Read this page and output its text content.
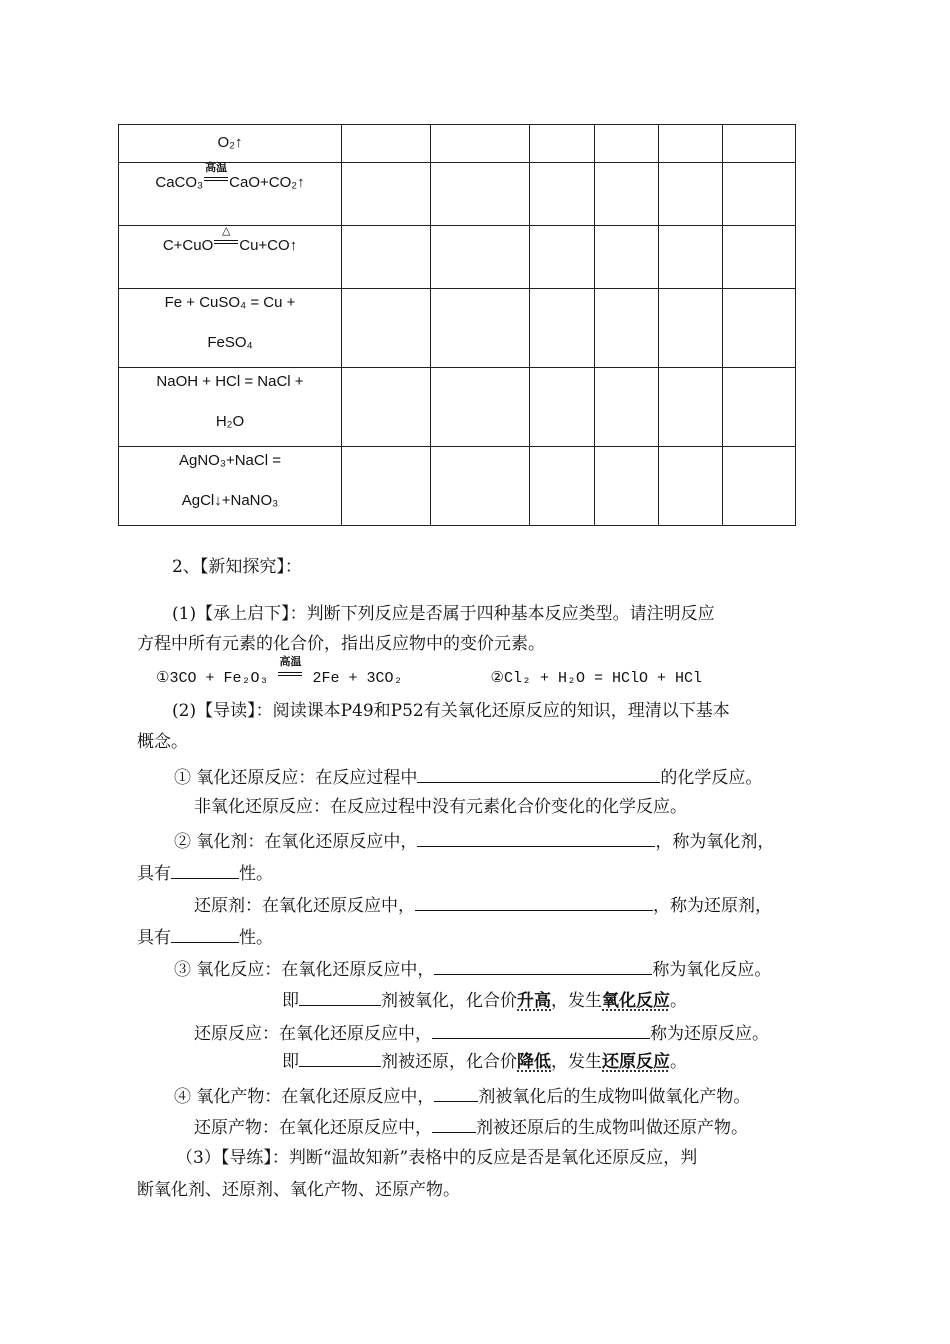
O₂↑						

CaCO₃
高温
CaO+CO₂↑						

C+CuO
△
Cu+CO↑						

Fe + CuSO₄ = Cu +
FeSO₄						

NaOH + HCl = NaCl +
H₂O						

AgNO₃+NaCl =
AgCl↓+NaNO₃						

2、【新知探究】：
(1)【承上启下】：判断下列反应是否属于四种基本反应类型。请注明反应
方程中所有元素的化合价，指出反应物中的变价元素。
①3CO + Fe₂O₃
高温
2Fe + 3CO₂	②Cl₂ + H₂O = HClO + HCl
(2)【导读】：阅读课本P49和P52有关氧化还原反应的知识，理清以下基本
概念。
① 氧化还原反应：在反应过程中	的化学反应。
非氧化还原反应：在反应过程中没有元素化合价变化的化学反应。
② 氧化剂：在氧化还原反应中，	，称为氧化剂，
具有	性。
还原剂：在氧化还原反应中，	，称为还原剂，
具有	性。
③ 氧化反应：在氧化还原反应中，	称为氧化反应。
即	剂被氧化，化合价升高，发生氧化反应。
还原反应：在氧化还原反应中，	称为还原反应。
即	剂被还原，化合价降低，发生还原反应。
④ 氧化产物：在氧化还原反应中，	剂被氧化后的生成物叫做氧化产物。
还原产物：在氧化还原反应中，	剂被还原后的生成物叫做还原产物。
（3）【导练】：判断“温故知新”表格中的反应是否是氧化还原反应，判
断氧化剂、还原剂、氧化产物、还原产物。
